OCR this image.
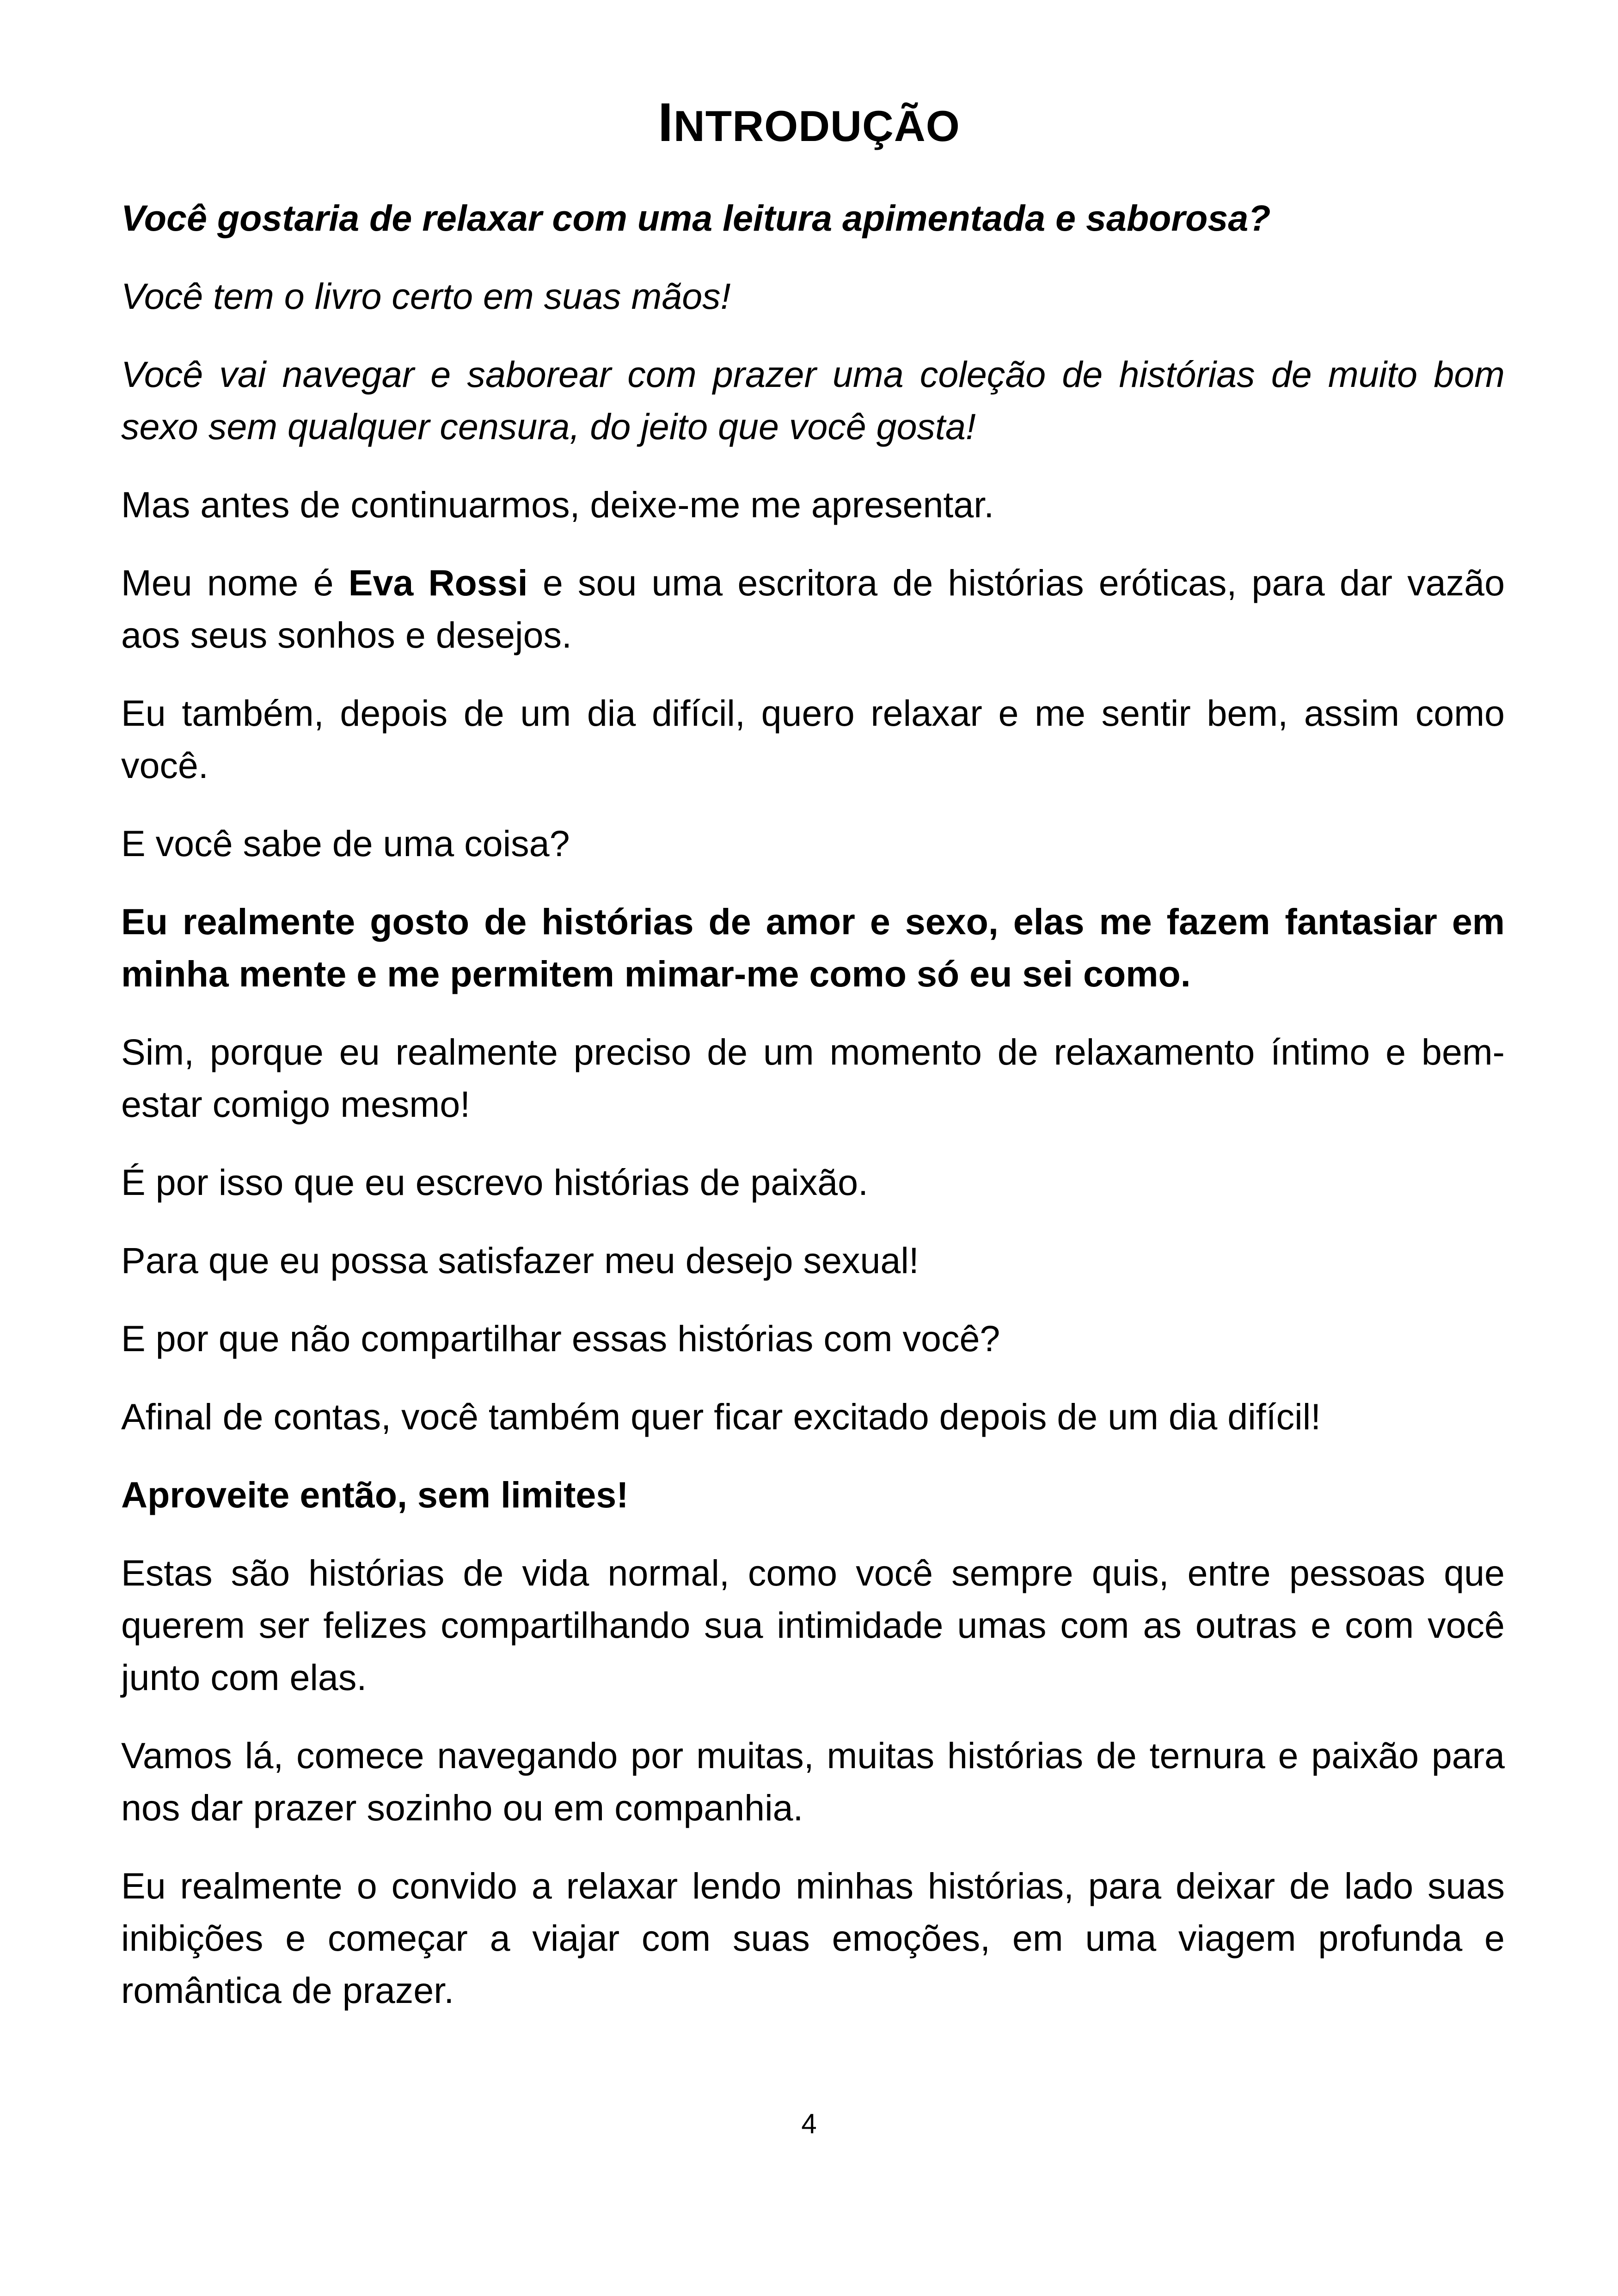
INTRODUÇÃO

Você gostaria de relaxar com uma leitura apimentada e saborosa?

Você tem o livro certo em suas mãos!

Você vai navegar e saborear com prazer uma coleção de histórias de muito bom sexo sem qualquer censura, do jeito que você gosta!

Mas antes de continuarmos, deixe-me me apresentar.

Meu nome é Eva Rossi e sou uma escritora de histórias eróticas, para dar vazão aos seus sonhos e desejos.

Eu também, depois de um dia difícil, quero relaxar e me sentir bem, assim como você.

E você sabe de uma coisa?

Eu realmente gosto de histórias de amor e sexo, elas me fazem fantasiar em minha mente e me permitem mimar-me como só eu sei como.

Sim, porque eu realmente preciso de um momento de relaxamento íntimo e bem-estar comigo mesmo!

É por isso que eu escrevo histórias de paixão.

Para que eu possa satisfazer meu desejo sexual!

E por que não compartilhar essas histórias com você?

Afinal de contas, você também quer ficar excitado depois de um dia difícil!

Aproveite então, sem limites!

Estas são histórias de vida normal, como você sempre quis, entre pessoas que querem ser felizes compartilhando sua intimidade umas com as outras e com você junto com elas.

Vamos lá, comece navegando por muitas, muitas histórias de ternura e paixão para nos dar prazer sozinho ou em companhia.

Eu realmente o convido a relaxar lendo minhas histórias, para deixar de lado suas inibições e começar a viajar com suas emoções, em uma viagem profunda e romântica de prazer.

4
